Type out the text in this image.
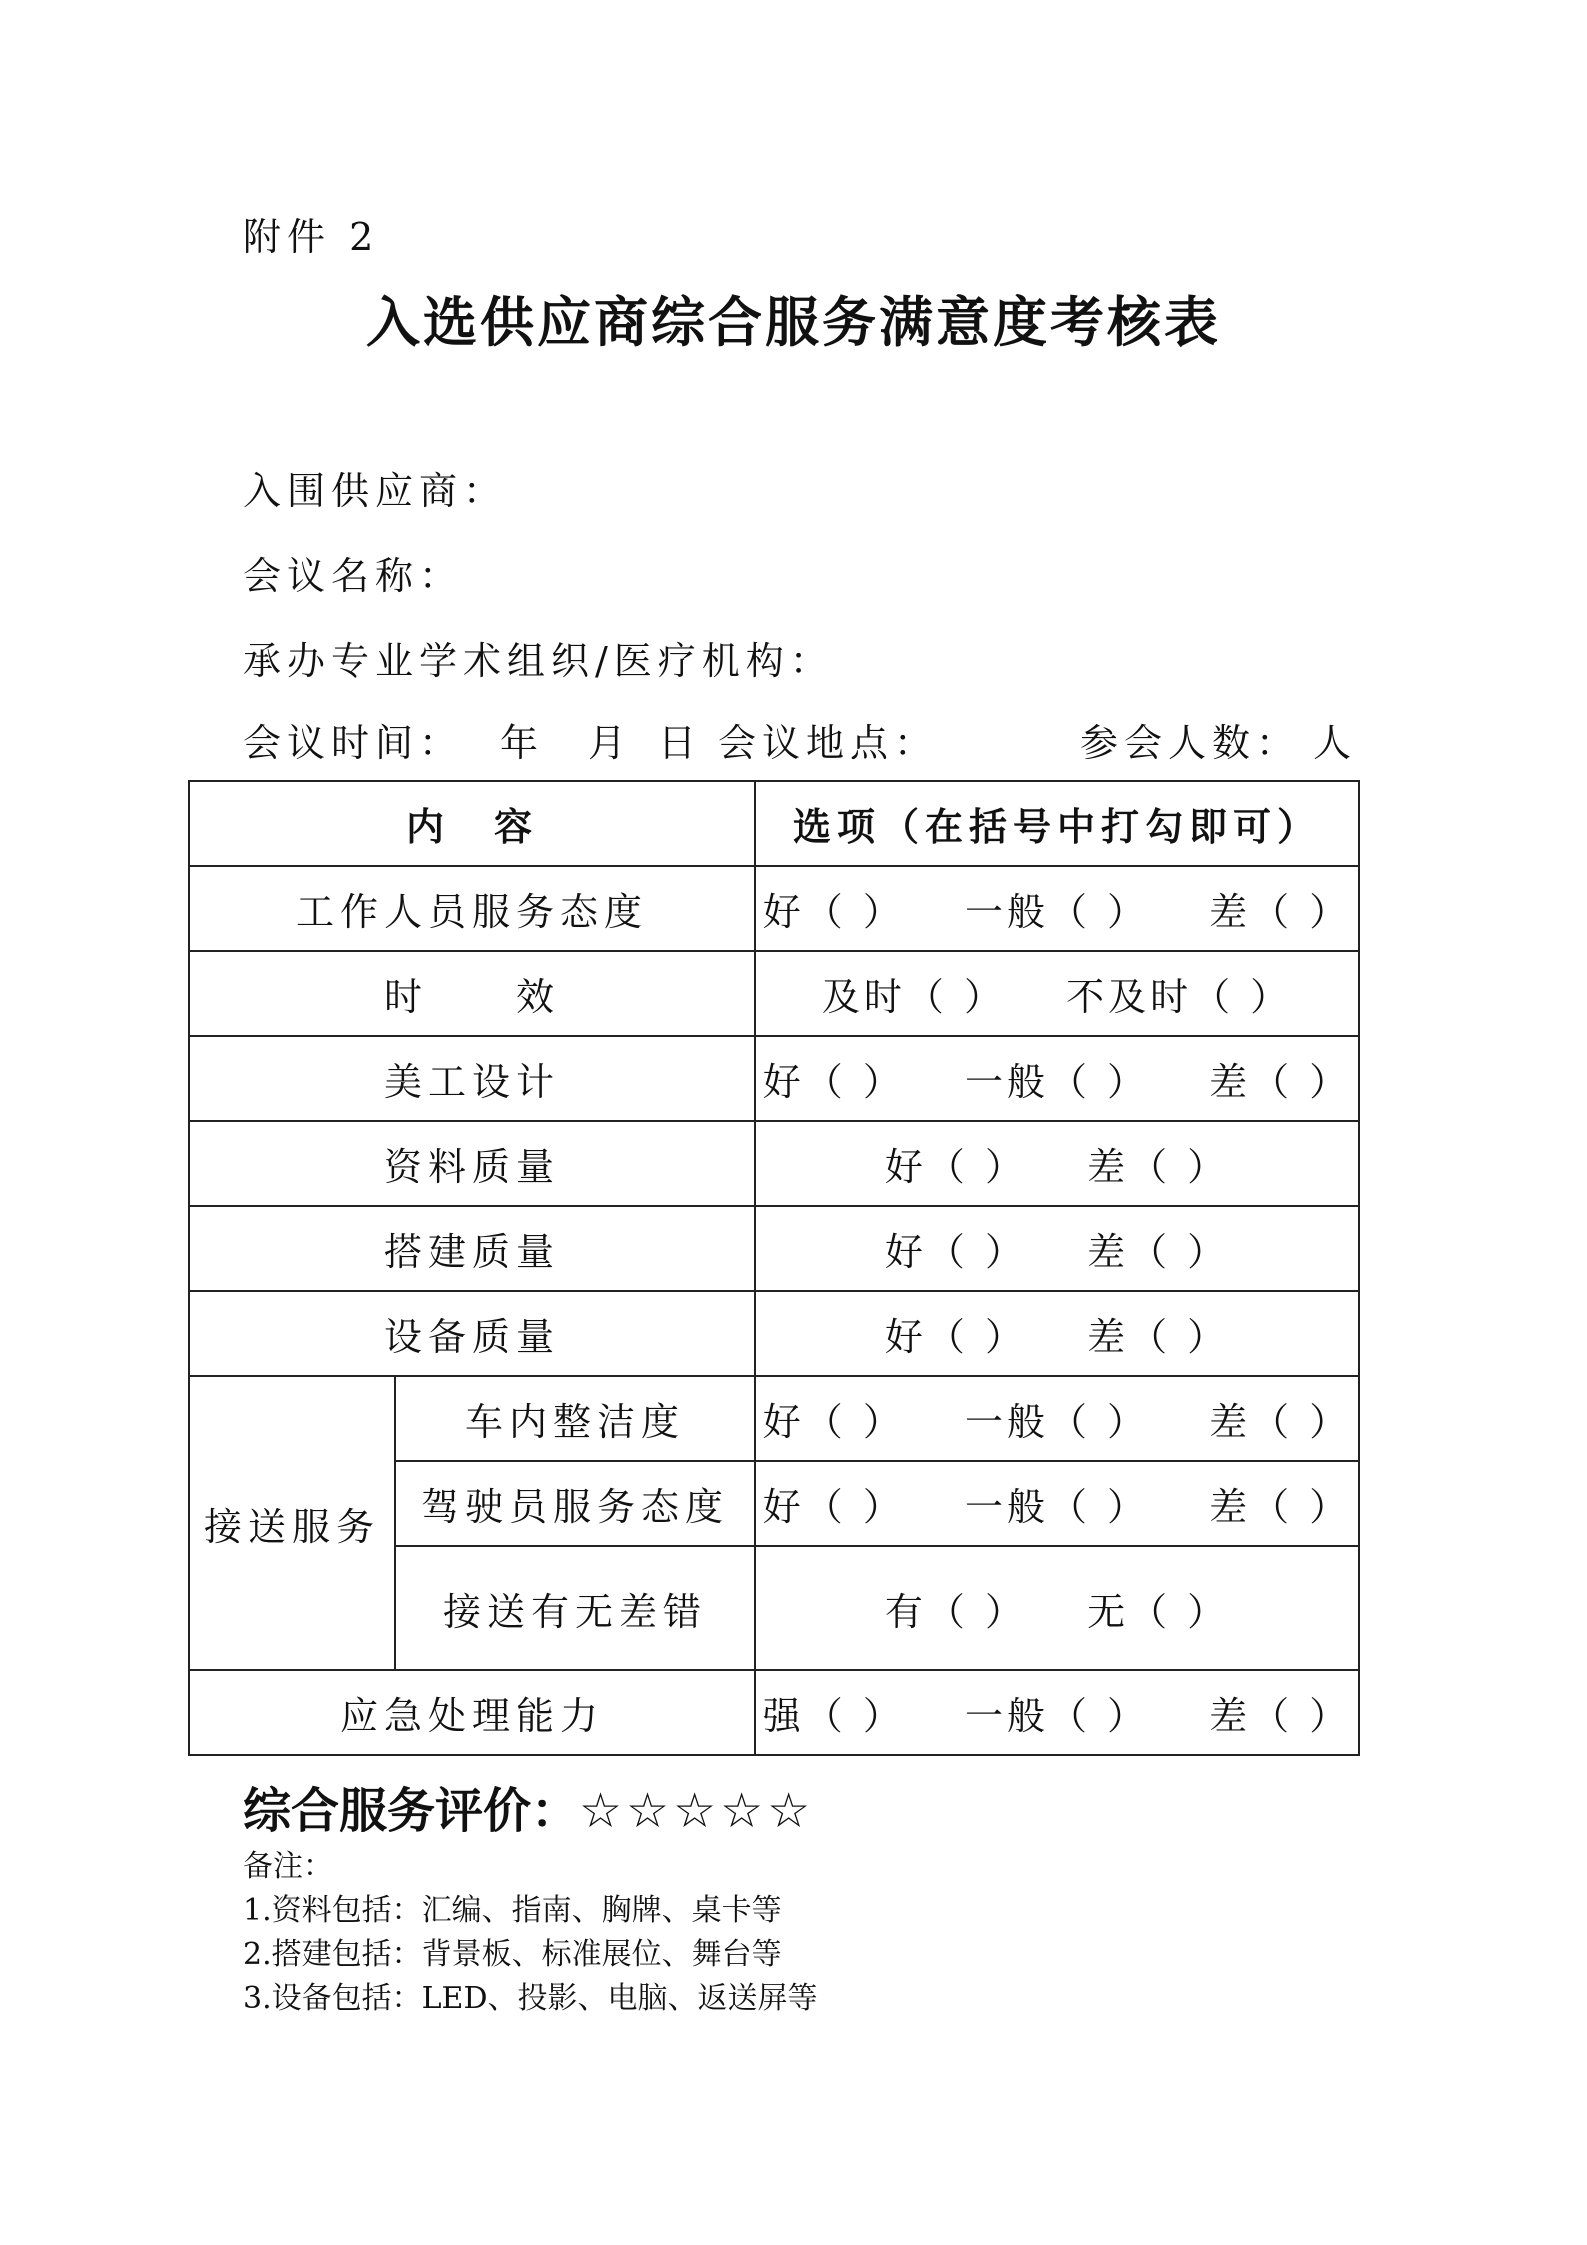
附件 2
入选供应商综合服务满意度考核表
入围供应商：
会议名称：
承办专业学术组织/医疗机构：
会议时间： 年 月 日 会议地点：	参会人数： 人
内　容		选项（在括号中打勾即可）
工作人员服务态度		好（ ） 一般（ ） 差（ ）
时　　效		及时（ ） 不及时（ ）
美工设计		好（ ） 一般（ ） 差（ ）
资料质量		好（ ） 差（ ）
搭建质量		好（ ） 差（ ）
设备质量		好（ ） 差（ ）
接送服务	车内整洁度	好（ ） 一般（ ） 差（ ）
	驾驶员服务态度	好（ ） 一般（ ） 差（ ）
	接送有无差错	有（ ） 无（ ）
应急处理能力		强（ ） 一般（ ） 差（ ）
综合服务评价：☆☆☆☆☆
备注：
1.资料包括：汇编、指南、胸牌、桌卡等
2.搭建包括：背景板、标准展位、舞台等
3.设备包括：LED、投影、电脑、返送屏等
